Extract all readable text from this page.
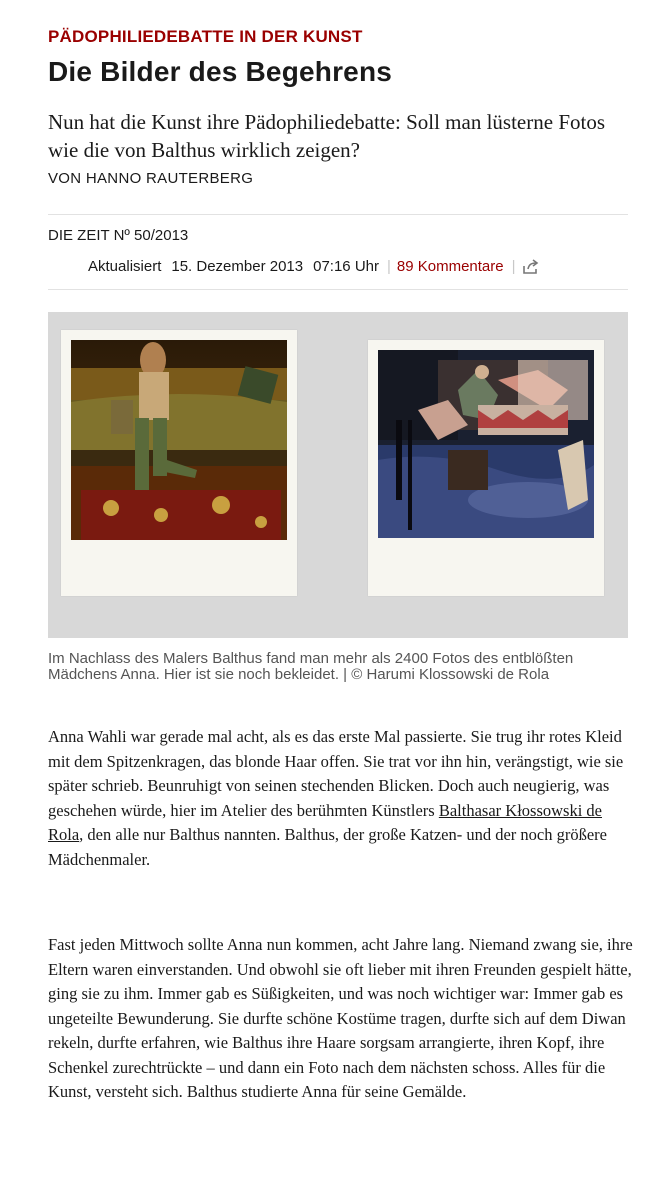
PÄDOPHILIEDEBATTE IN DER KUNST
Die Bilder des Begehrens

Nun hat die Kunst ihre Pädophiliedebatte: Soll man lüsterne Fotos wie die von Balthus wirklich zeigen?

VON HANNO RAUTERBERG
DIE ZEIT Nº 50/2013
Aktualisiert 15. Dezember 2013 07:16 Uhr | 89 Kommentare |

Im Nachlass des Malers Balthus fand man mehr als 2400 Fotos des entblößten Mädchens Anna. Hier ist sie noch bekleidet. | © Harumi Klossowski de Rola

Anna Wahli war gerade mal acht, als es das erste Mal passierte. Sie trug ihr rotes Kleid mit dem Spitzenkragen, das blonde Haar offen. Sie trat vor ihn hin, verängstigt, wie sie später schrieb. Beunruhigt von seinen stechenden Blicken. Doch auch neugierig, was geschehen würde, hier im Atelier des berühmten Künstlers Balthasar Kłossowski de Rola, den alle nur Balthus nannten. Balthus, der große Katzen- und der noch größere Mädchenmaler.

Fast jeden Mittwoch sollte Anna nun kommen, acht Jahre lang. Niemand zwang sie, ihre Eltern waren einverstanden. Und obwohl sie oft lieber mit ihren Freunden gespielt hätte, ging sie zu ihm. Immer gab es Süßigkeiten, und was noch wichtiger war: Immer gab es ungeteilte Bewunderung. Sie durfte schöne Kostüme tragen, durfte sich auf dem Diwan rekeln, durfte erfahren, wie Balthus ihre Haare sorgsam arrangierte, ihren Kopf, ihre Schenkel zurechtrückte – und dann ein Foto nach dem nächsten schoss. Alles für die Kunst, versteht sich. Balthus studierte Anna für seine Gemälde.
